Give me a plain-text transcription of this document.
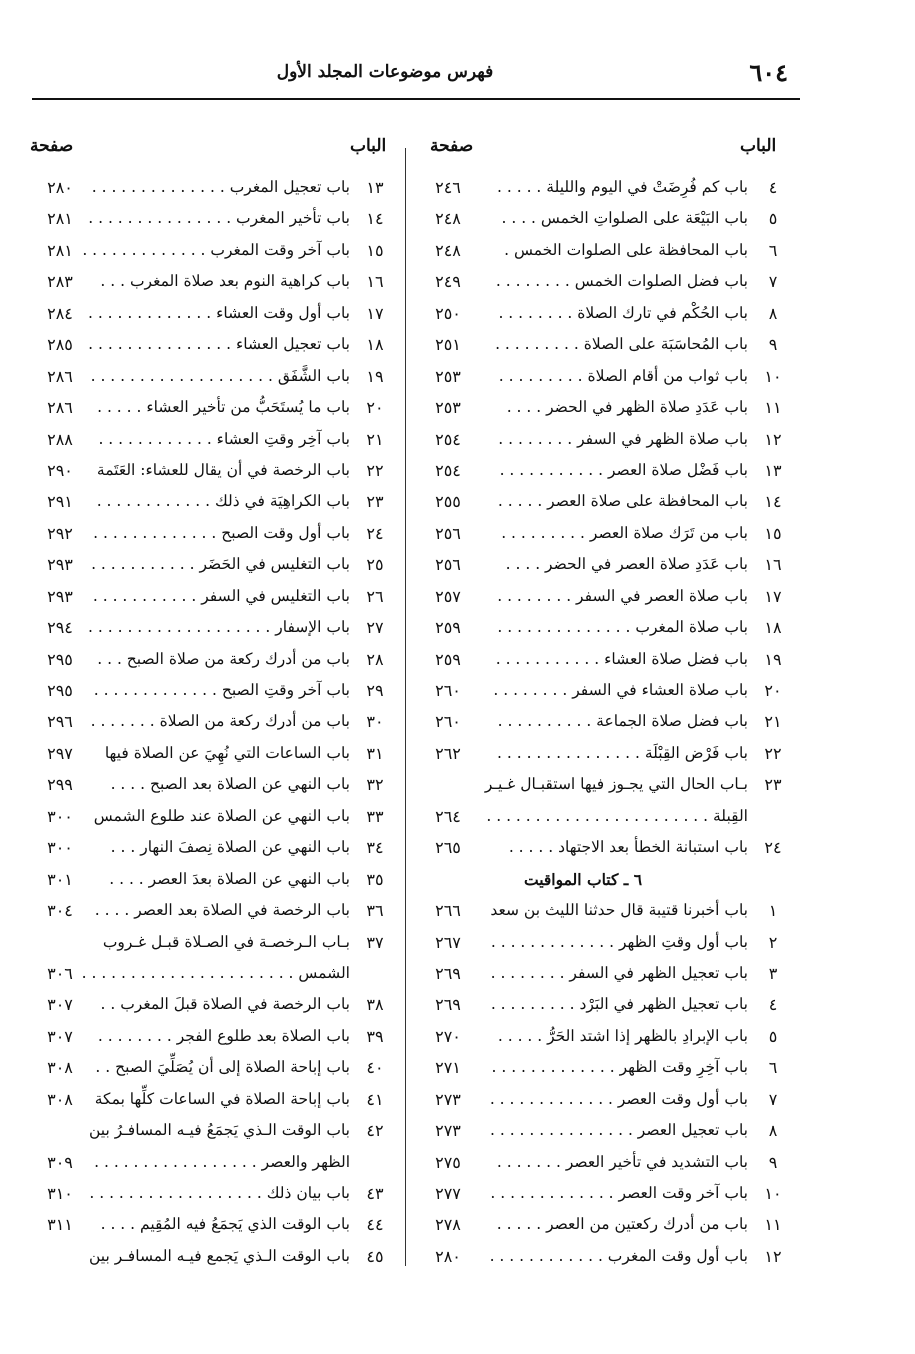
٦٠٤
فهرس موضوعات المجلد الأول
الباب
صفحة
الباب
صفحة
٤
باب كم فُرِضَتْ في اليوم والليلة . . . . .
٢٤٦
٥
باب البَيْعَة على الصلواتِ الخمس . . . .
٢٤٨
٦
باب المحافظة على الصلوات الخمس .
٢٤٨
٧
باب فضل الصلوات الخمس . . . . . . . .
٢٤٩
٨
باب الحُكْم في تارك الصلاة . . . . . . . .
٢٥٠
٩
باب المُحاسَبَة على الصلاة . . . . . . . . .
٢٥١
١٠
باب ثواب من أقام الصلاة . . . . . . . . .
٢٥٣
١١
باب عَدَدِ صلاة الظهر في الحضر . . . .
٢٥٣
١٢
باب صلاة الظهر في السفر . . . . . . . .
٢٥٤
١٣
باب فَضْل صلاة العصر . . . . . . . . . . .
٢٥٤
١٤
باب المحافظة على صلاة العصر . . . . .
٢٥٥
١٥
باب من تَرَك صلاة العصر . . . . . . . . .
٢٥٦
١٦
باب عَدَدِ صلاة العصر في الحضر . . . .
٢٥٦
١٧
باب صلاة العصر في السفر . . . . . . . .
٢٥٧
١٨
باب صلاة المغرب . . . . . . . . . . . . . .
٢٥٩
١٩
باب فضل صلاة العشاء . . . . . . . . . . .
٢٥٩
٢٠
باب صلاة العشاء في السفر . . . . . . . .
٢٦٠
٢١
باب فضل صلاة الجماعة . . . . . . . . . .
٢٦٠
٢٢
باب فَرْض القِبْلَة . . . . . . . . . . . . . . .
٢٦٢
٢٣
بـاب الحال التي يجـوز فيها استقبـال غـيـر
القِبلة . . . . . . . . . . . . . . . . . . . . . . .
٢٦٤
٢٤
باب استبانة الخطأ بعد الاجتهاد . . . . .
٢٦٥
٦ ـ كتاب المواقيت
١
باب أخبرنا قتيبة قال حدثنا الليث بن سعد
٢٦٦
٢
باب أول وقتِ الظهر . . . . . . . . . . . . .
٢٦٧
٣
باب تعجيل الظهر في السفر . . . . . . . .
٢٦٩
٤
باب تعجيل الظهر في البَرْد . . . . . . . . .
٢٦٩
٥
باب الإبرادِ بالظهر إذا اشتد الحَرُّ . . . . .
٢٧٠
٦
باب آخِرِ وقت الظهر . . . . . . . . . . . . .
٢٧١
٧
باب أول وقت العصر . . . . . . . . . . . . .
٢٧٣
٨
باب تعجيل العصر . . . . . . . . . . . . . . .
٢٧٣
٩
باب التشديد في تأخير العصر . . . . . . .
٢٧٥
١٠
باب آخر وقت العصر . . . . . . . . . . . . .
٢٧٧
١١
باب من أدرك ركعتين من العصر . . . . .
٢٧٨
١٢
باب أول وقت المغرب . . . . . . . . . . . .
٢٨٠
١٣
باب تعجيل المغرب . . . . . . . . . . . . . .
٢٨٠
١٤
باب تأخير المغرب . . . . . . . . . . . . . . .
٢٨١
١٥
باب آخر وقت المغرب . . . . . . . . . . . . .
٢٨١
١٦
باب كراهية النوم بعد صلاة المغرب . . .
٢٨٣
١٧
باب أول وقت العشاء . . . . . . . . . . . . .
٢٨٤
١٨
باب تعجيل العشاء . . . . . . . . . . . . . . .
٢٨٥
١٩
باب الشَّفَق . . . . . . . . . . . . . . . . . . .
٢٨٦
٢٠
باب ما يُستَحَبُّ من تأخير العشاء . . . . .
٢٨٦
٢١
باب آخِر وقتِ العشاء . . . . . . . . . . . .
٢٨٨
٢٢
باب الرخصة في أن يقال للعشاء: العَتَمة
٢٩٠
٢٣
باب الكراهِيَة في ذلك . . . . . . . . . . . .
٢٩١
٢٤
باب أول وقت الصبح . . . . . . . . . . . . .
٢٩٢
٢٥
باب التغليس في الحَضَر . . . . . . . . . . .
٢٩٣
٢٦
باب التغليس في السفر . . . . . . . . . . .
٢٩٣
٢٧
باب الإسفار . . . . . . . . . . . . . . . . . . .
٢٩٤
٢٨
باب من أدرك ركعة من صلاة الصبح . . .
٢٩٥
٢٩
باب آخر وقتِ الصبح . . . . . . . . . . . . .
٢٩٥
٣٠
باب من أدرك ركعة من الصلاة . . . . . . .
٢٩٦
٣١
باب الساعات التي نُهِيَ عن الصلاة فيها
٢٩٧
٣٢
باب النهي عن الصلاة بعد الصبح . . . .
٢٩٩
٣٣
باب النهي عن الصلاة عند طلوع الشمس
٣٠٠
٣٤
باب النهي عن الصلاة نِصفَ النهار . . .
٣٠٠
٣٥
باب النهي عن الصلاة بعدَ العصر . . . .
٣٠١
٣٦
باب الرخصة في الصلاة بعد العصر . . . .
٣٠٤
٣٧
بـاب الـرخصـة في الصـلاة قبـل غـروب
الشمس . . . . . . . . . . . . . . . . . . . . . .
٣٠٦
٣٨
باب الرخصة في الصلاة قبلَ المغرب . .
٣٠٧
٣٩
باب الصلاة بعد طلوع الفجر . . . . . . . .
٣٠٧
٤٠
باب إباحة الصلاة إلى أن يُصَلِّيَ الصبح . .
٣٠٨
٤١
باب إباحة الصلاة في الساعات كلِّها بمكة
٣٠٨
٤٢
باب الوقت الـذي يَجمَعُ فيـه المسافـرُ بين
الظهر والعصر . . . . . . . . . . . . . . . . .
٣٠٩
٤٣
باب بيان ذلك . . . . . . . . . . . . . . . . . .
٣١٠
٤٤
باب الوقت الذي يَجمَعُ فيه المُقِيم . . . .
٣١١
٤٥
باب الوقت الـذي يَجمع فيـه المسافـر بين
